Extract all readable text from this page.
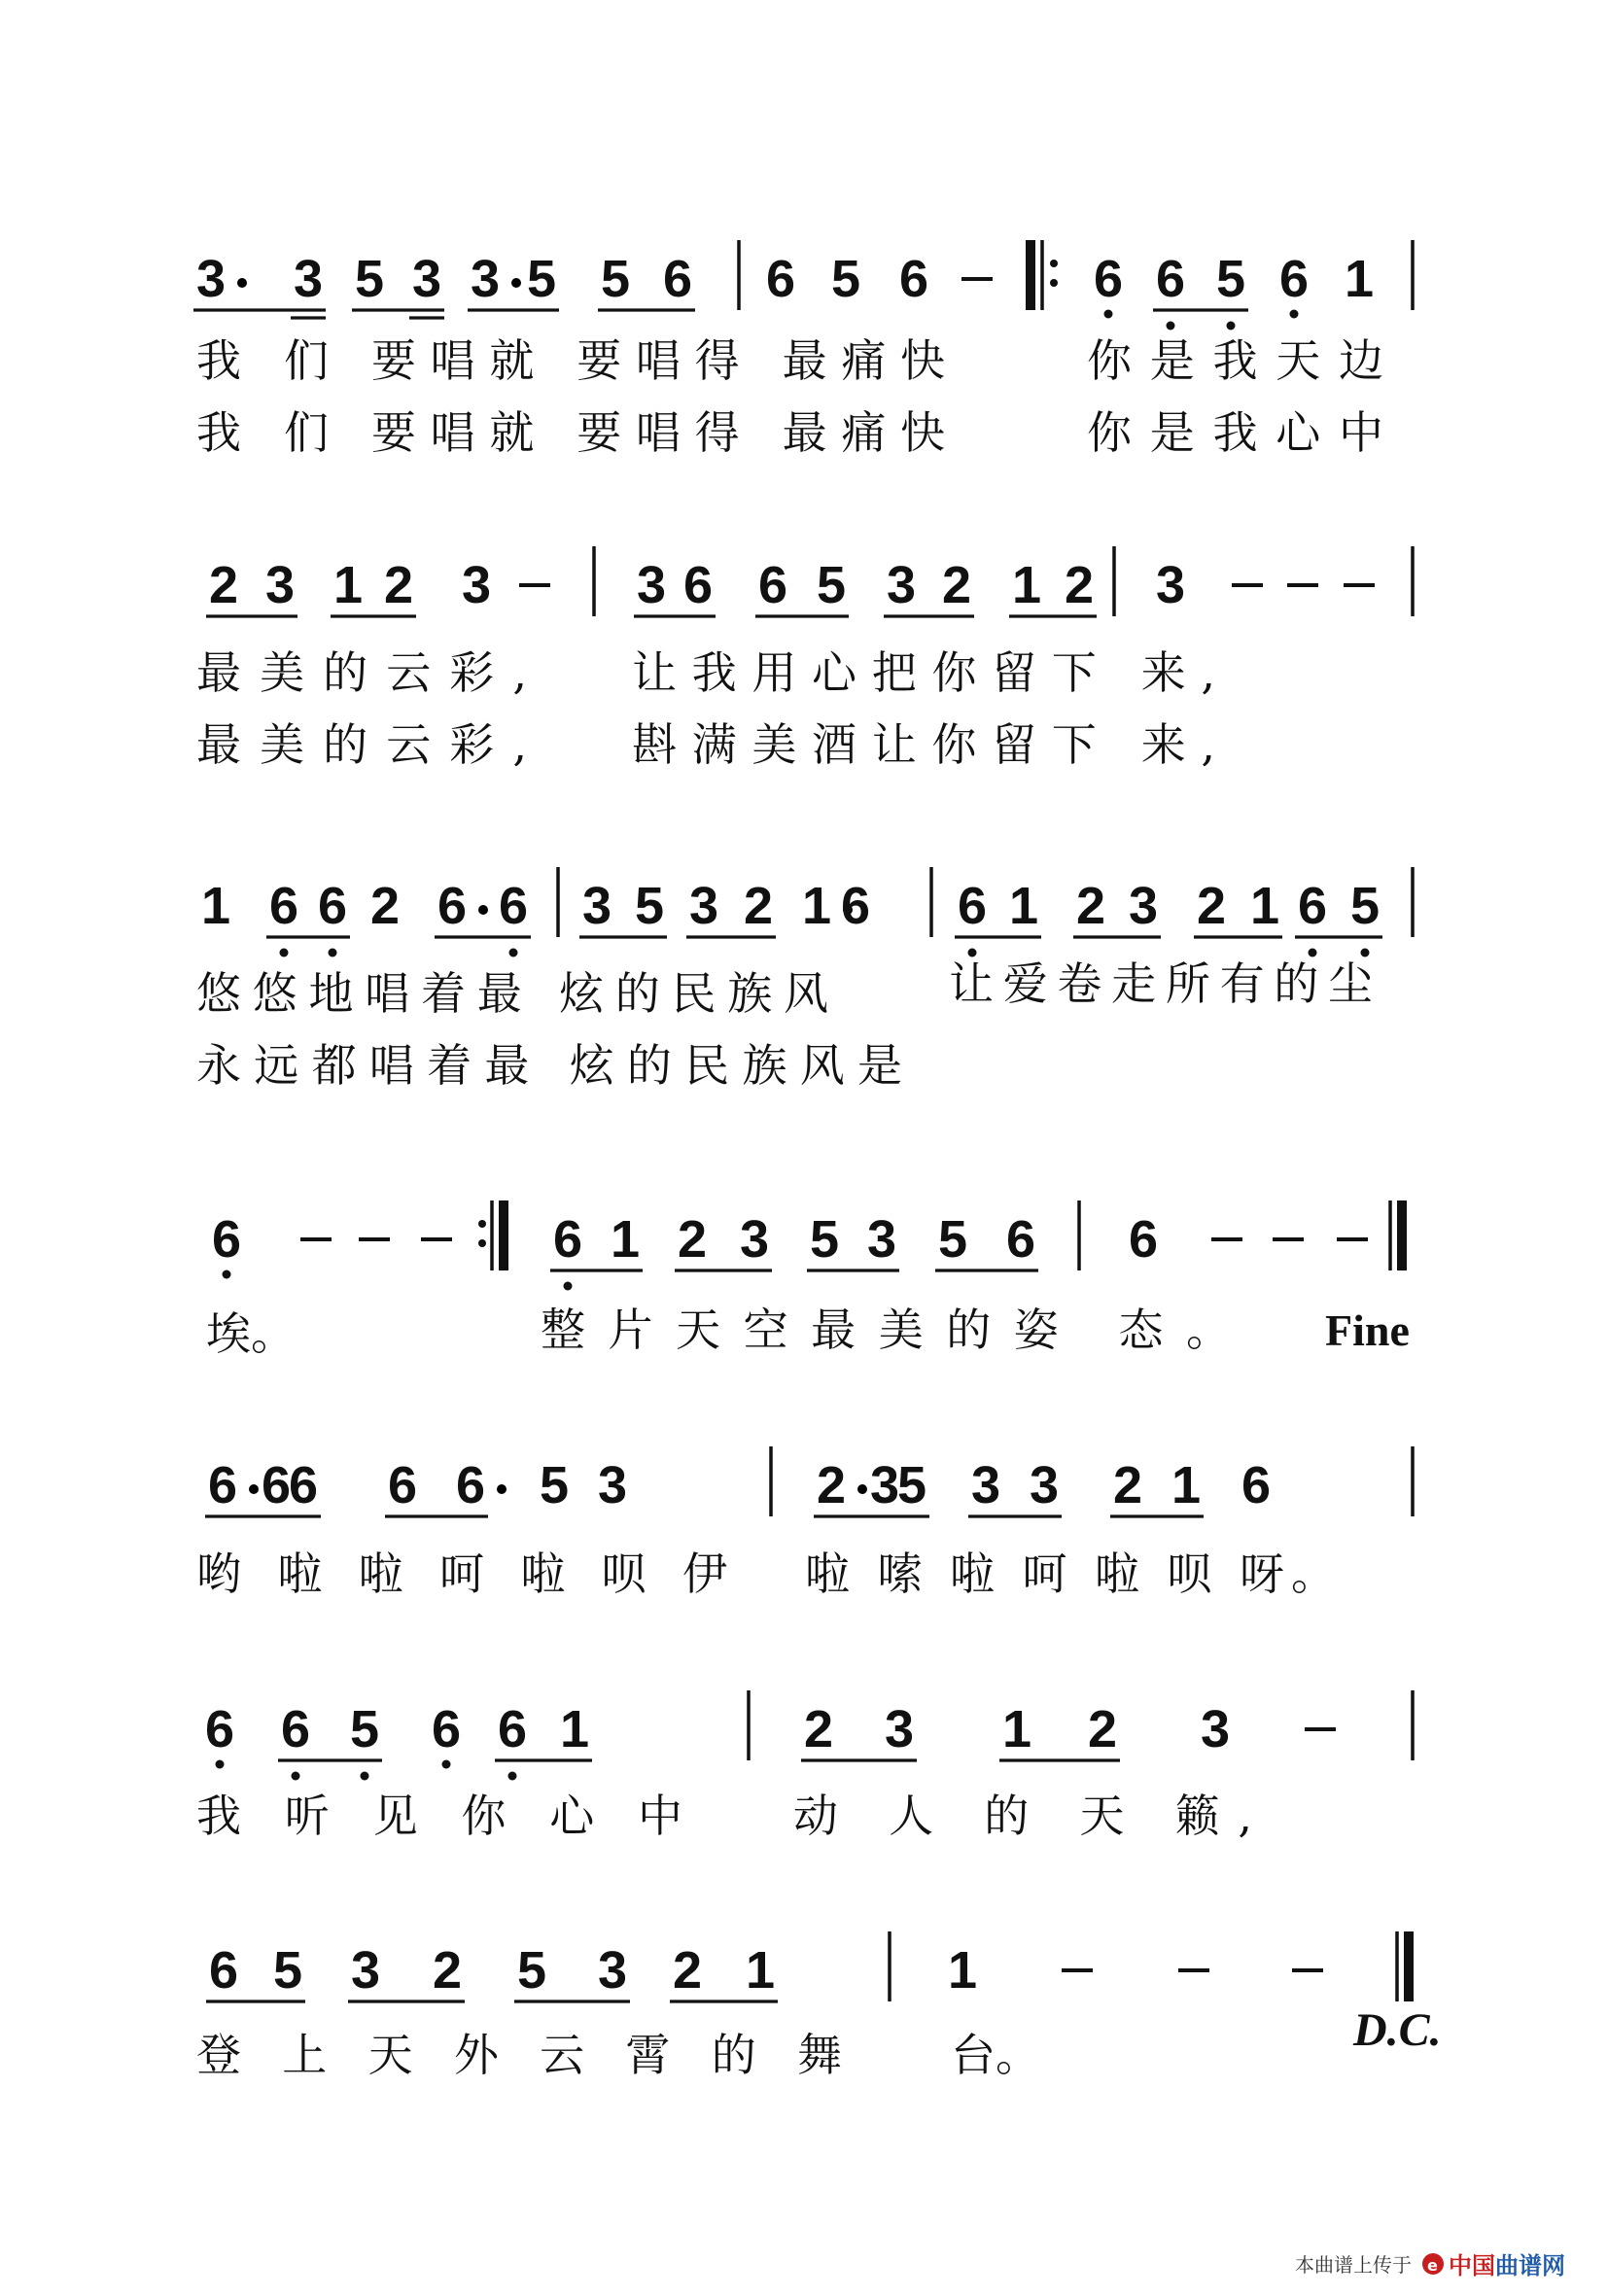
3 3 5 3 3 5 5 6 6 5 6	6 6 5 6 1
2 3 1 2 3	3 6 6 5 3 2 1 2 3
1 6 6 2 6 6 3 5 3 2 1 6 6 1 2 3 2 1 6 5
6	6 1 2 3 5 3 5 6 6
6 6
6 6 6 5 3	2 3
5 3 3 2 1 6
6 6 5 6 6 1	2 3 1 2 3
6 5 3 2 5 3 2 1	1
我 们 要唱就 要唱得 最痛快	你是我天边
我 们 要唱就 要唱得 最痛快	你是我心中
最美的云彩, 让我用心把你留下 来,
最美的云彩, 斟满美酒让你留下 来,
悠悠地唱着最 炫的民族风	让爱卷走所有的尘
永远都唱着最 炫的民族风是
埃。	整片天空最美的姿 态。 Fine
哟 啦 啦 呵 啦 呗 伊 啦 嗦 啦 呵 啦 呗 呀。
我 听 见 你 心 中 动 人 的 天 籁,
登 上 天 外 云 霄 的 舞 台。	D.C.
本曲谱上传于 e 中国 曲谱网
